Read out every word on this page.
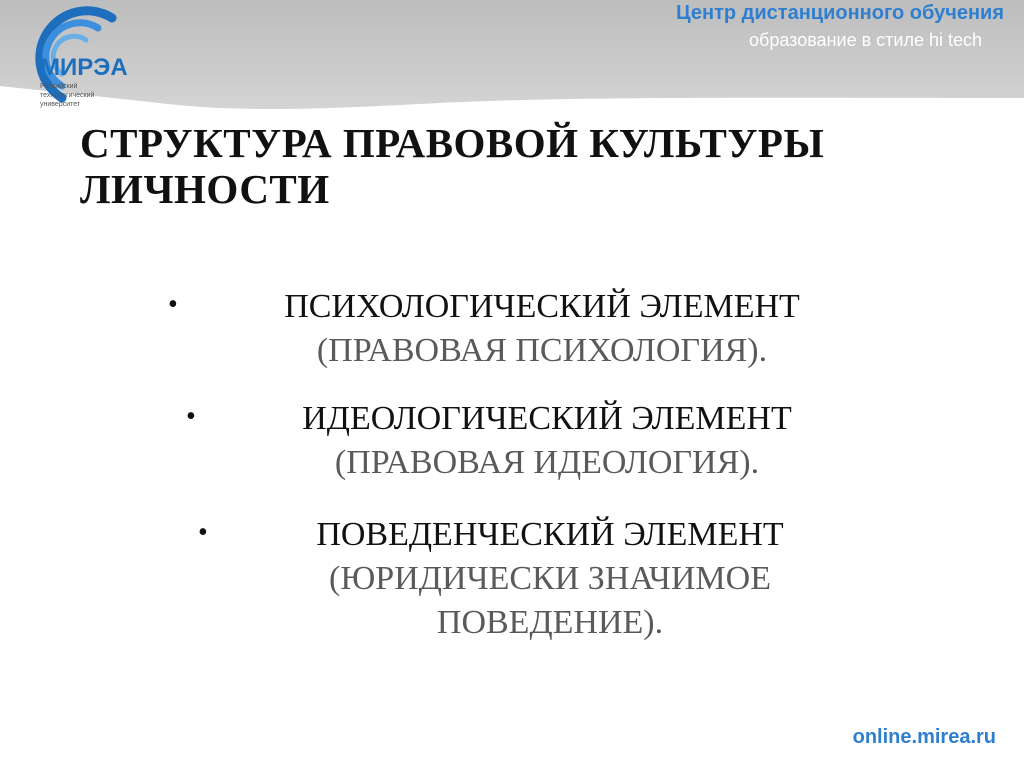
МИРЭА
Российский
технологический
университет
Центр дистанционного обучения
образование в стиле hi tech
СТРУКТУРА ПРАВОВОЙ КУЛЬТУРЫ
ЛИЧНОСТИ
•	ПСИХОЛОГИЧЕСКИЙ ЭЛЕМЕНТ
(ПРАВОВАЯ ПСИХОЛОГИЯ).
•	ИДЕОЛОГИЧЕСКИЙ ЭЛЕМЕНТ
(ПРАВОВАЯ ИДЕОЛОГИЯ).
•	ПОВЕДЕНЧЕСКИЙ ЭЛЕМЕНТ
(ЮРИДИЧЕСКИ ЗНАЧИМОЕ
ПОВЕДЕНИЕ).
online.mirea.ru
